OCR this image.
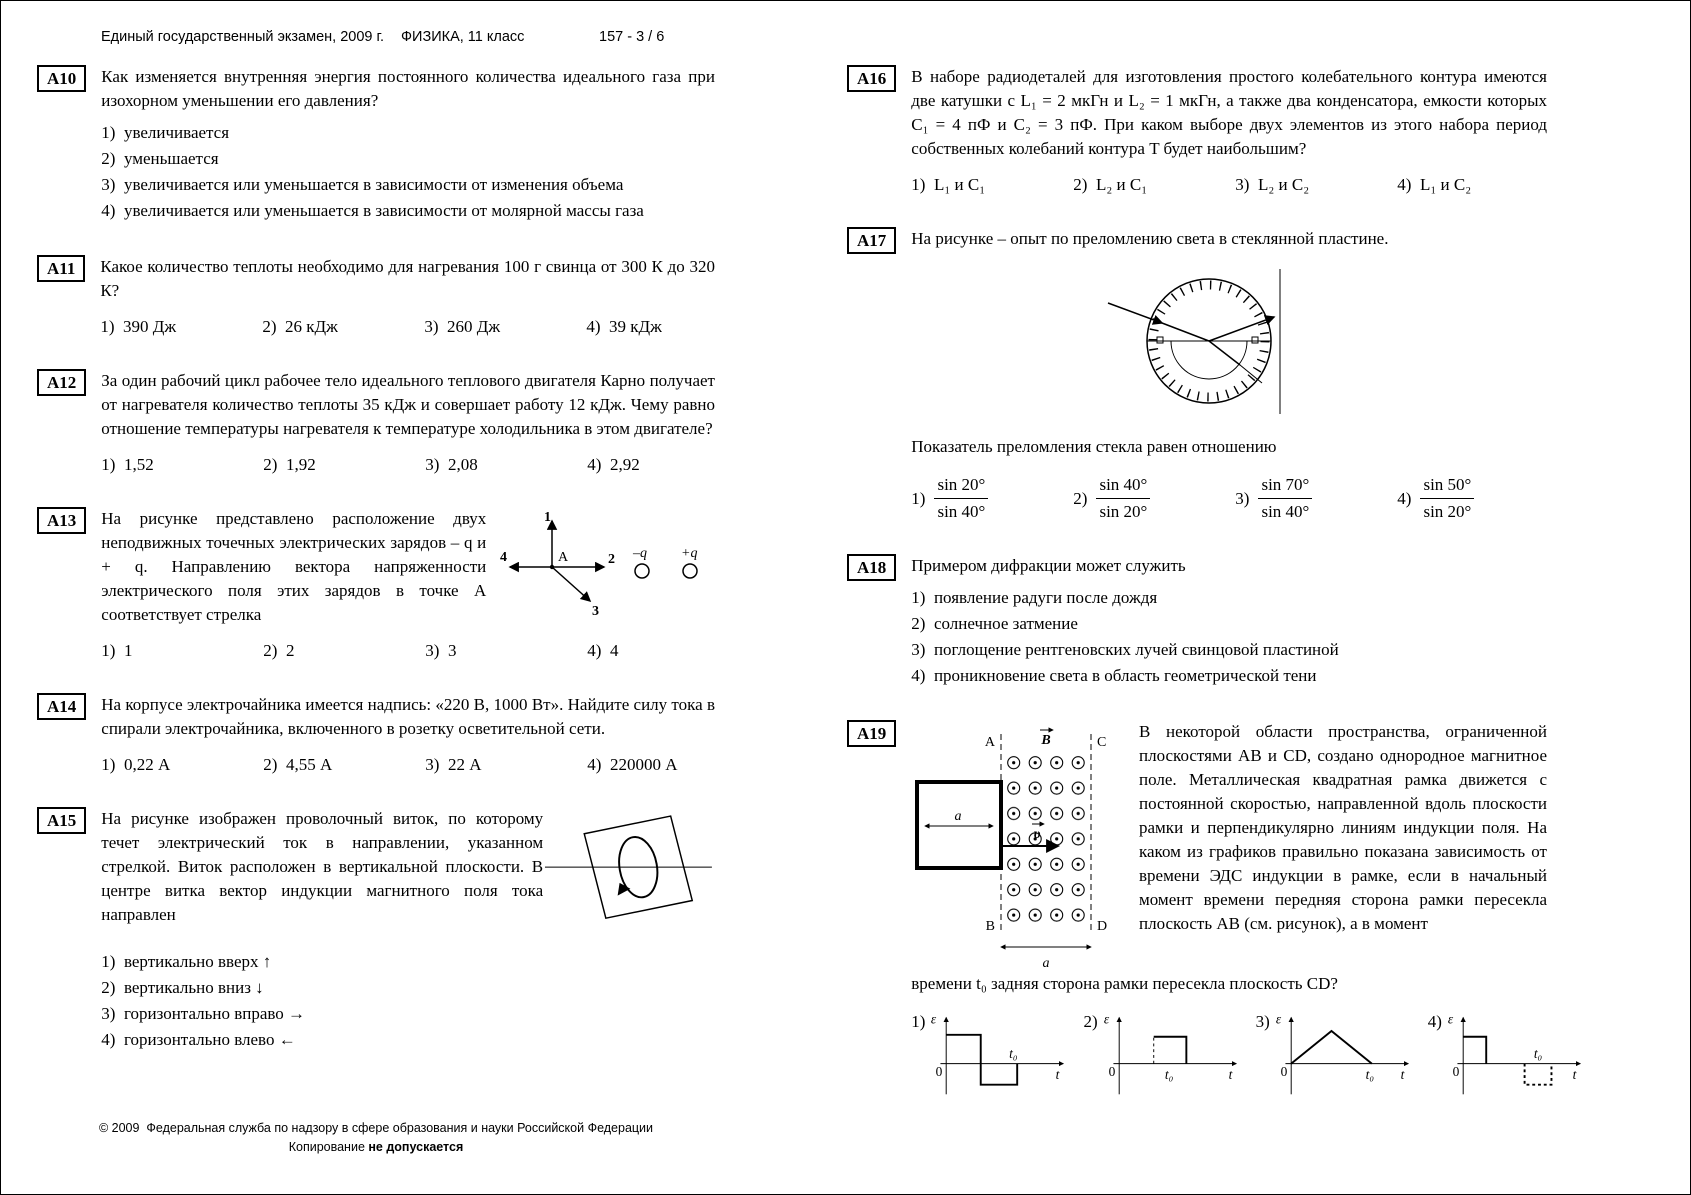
Единый государственный экзамен, 2009 г. ФИЗИКА, 11 класс	157 - 3 / 6
А10	Как изменяется внутренняя энергия постоянного количества идеального газа при изохорном уменьшении его давления?

1)  увеличивается
2)  уменьшается
3)  увеличивается или уменьшается в зависимости от изменения объема
4)  увеличивается или уменьшается в зависимости от молярной массы газа
А11	Какое количество теплоты необходимо для нагревания 100 г свинца от 300 К до 320 К?

1)  390 Дж	2)  26 кДж	3)  260 Дж	4)  39 кДж
А12	За один рабочий цикл рабочее тело идеального теплового двигателя Карно получает от нагревателя количество теплоты 35 кДж и совершает работу 12 кДж. Чему равно отношение температуры нагревателя к температуре холодильника в этом двигателе?

1)  1,52	2)  1,92	3)  2,08	4)  2,92
А13	На рисунке представлено расположение двух неподвижных точечных электрических зарядов – q и + q. Направлению вектора напряженности электрического поля этих зарядов в точке А соответствует стрелка

1
2
3
4	А	–q +q
1)  1	2)  2	3)  3	4)  4
А14	На корпусе электрочайника имеется надпись: «220 В, 1000 Вт». Найдите силу тока в спирали электрочайника, включенного в розетку осветительной сети.

1)  0,22 А	2)  4,55 А	3)  22 А	4)  220000 А
А15	На рисунке изображен проволочный виток, по которому течет электрический ток в направлении, указанном стрелкой. Виток расположен в вертикальной плоскости. В центре витка вектор индукции магнитного поля тока направлен

1)  вертикально вверх ↑
2)  вертикально вниз ↓
3)  горизонтально вправо →
4)  горизонтально влево ←
А16	В наборе радиодеталей для изготовления простого колебательного контура имеются две катушки с L₁ = 2 мкГн и L₂ = 1 мкГн, а также два конденсатора, емкости которых C₁ = 4 пФ и C₂ = 3 пФ. При каком выборе двух элементов из этого набора период собственных колебаний контура T будет наибольшим?

1)  L₁ и C₁	2)  L₂ и C₁	3)  L₂ и C₂	4)  L₁ и C₂
А17	На рисунке – опыт по преломлению света в стеклянной пластине.

Показатель преломления стекла равен отношению

$1) \frac{\sin 20^\circ}{\sin 40^\circ}$	$2) \frac{\sin 40^\circ}{\sin 20^\circ}$	$3) \frac{\sin 70^\circ}{\sin 40^\circ}$	$4) \frac{\sin 50^\circ}{\sin 20^\circ}$
А18	Примером дифракции может служить

1)  появление радуги после дождя
2)  солнечное затмение
3)  поглощение рентгеновских лучей свинцовой пластиной
4)  проникновение света в область геометрической тени
А19	A	C
B	D
B
a
υ
a

В некоторой области пространства, ограниченной плоскостями AB и CD, создано однородное магнитное поле. Металлическая квадратная рамка движется с постоянной скоростью, направленной вдоль плоскости рамки и перпендикулярно линиям индукции поля. На каком из графиков правильно показана зависимость от времени ЭДС индукции в рамке, если в начальный момент времени передняя сторона рамки пересекла плоскость AB (см. рисунок), а в момент

времени t₀ задняя сторона рамки пересекла плоскость CD?

1) ε
0	t
t₀
2) ε
0	t
t₀
3) ε
0	t
t₀
4) ε
0	t
t₀
© 2009  Федеральная служба по надзору в сфере образования и науки Российской Федерации
Копирование не допускается
